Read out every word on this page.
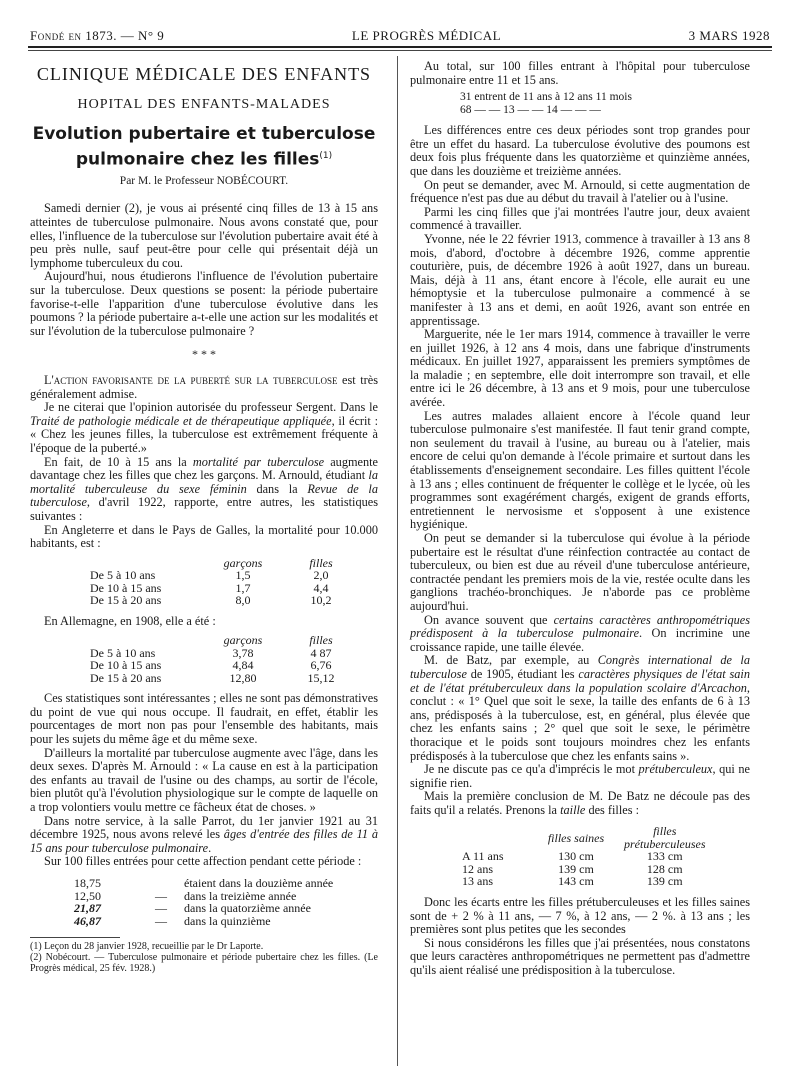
Fondé en 1873. — N° 9	LE PROGRÈS MÉDICAL	3 MARS 1928

CLINIQUE MÉDICALE DES ENFANTS

HOPITAL DES ENFANTS-MALADES

Evolution pubertaire et tuberculose
pulmonaire chez les filles$^{(1)}$

Par M. le Professeur NOBÉCOURT.

Samedi dernier (2), je vous ai présenté cinq filles de 13 à 15 ans atteintes de tuberculose pulmonaire. Nous avons constaté que, pour elles, l'influence de la tuberculose sur l'évolution pubertaire avait été à peu près nulle, sauf peut-être pour celle qui présentait déjà un lymphome tuberculeux du cou.

Aujourd'hui, nous étudierons l'influence de l'évolution pubertaire sur la tuberculose. Deux questions se posent: la période pubertaire favorise-t-elle l'apparition d'une tuberculose évolutive dans les poumons ? la période pubertaire a-t-elle une action sur les modalités et sur l'évolution de la tuberculose pulmonaire ?

* * *

L'action favorisante de la puberté sur la tuberculose est très généralement admise.

Je ne citerai que l'opinion autorisée du professeur Sergent. Dans le Traité de pathologie médicale et de thérapeutique appliquée, il écrit : « Chez les jeunes filles, la tuberculose est extrêmement fréquente à l'époque de la puberté.»

En fait, de 10 à 15 ans la mortalité par tuberculose augmente davantage chez les filles que chez les garçons. M. Arnould, étudiant la mortalité tuberculeuse du sexe féminin dans la Revue de la tuberculose, d'avril 1922, rapporte, entre autres, les statistiques suivantes :

En Angleterre et dans le Pays de Galles, la mortalité pour 10.000 habitants, est :

	garçons	filles
De 5 à 10 ans	1,5	2,0
De 10 à 15 ans	1,7	4,4
De 15 à 20 ans	8,0	10,2

En Allemagne, en 1908, elle a été :

	garçons	filles
De 5 à 10 ans	3,78	4 87
De 10 à 15 ans	4,84	6,76
De 15 à 20 ans	12,80	15,12

Ces statistiques sont intéressantes ; elles ne sont pas démonstratives du point de vue qui nous occupe. Il faudrait, en effet, établir les pourcentages de mort non pas pour l'ensemble des habitants, mais pour les sujets du même âge et du même sexe.

D'ailleurs la mortalité par tuberculose augmente avec l'âge, dans les deux sexes. D'après M. Arnould : « La cause en est à la participation des enfants au travail de l'usine ou des champs, au sortir de l'école, bien plutôt qu'à l'évolution physiologique sur le compte de laquelle on a trop volontiers voulu mettre ce fâcheux état de choses. »

Dans notre service, à la salle Parrot, du 1er janvier 1921 au 31 décembre 1925, nous avons relevé les âges d'entrée des filles de 11 à 15 ans pour tuberculose pulmonaire.

Sur 100 filles entrées pour cette affection pendant cette période :

18,75		étaient dans la douzième année
12,50	—	dans la treizième année
21,87	—	dans la quatorzième année
46,87	—	dans la quinzième

(1) Leçon du 28 janvier 1928, recueillie par le Dr Laporte.

(2) Nobécourt. — Tuberculose pulmonaire et période pubertaire chez les filles. (Le Progrès médical, 25 fév. 1928.)

Au total, sur 100 filles entrant à l'hôpital pour tuberculose pulmonaire entre 11 et 15 ans.

31 entrent de 11 ans à 12 ans 11 mois
68 — — 13 — — 14 — — —

Les différences entre ces deux périodes sont trop grandes pour être un effet du hasard. La tuberculose évolutive des poumons est deux fois plus fréquente dans les quatorzième et quinzième années, que dans les douzième et treizième années.

On peut se demander, avec M. Arnould, si cette augmentation de fréquence n'est pas due au début du travail à l'atelier ou à l'usine.

Parmi les cinq filles que j'ai montrées l'autre jour, deux avaient commencé à travailler.

Yvonne, née le 22 février 1913, commence à travailler à 13 ans 8 mois, d'abord, d'octobre à décembre 1926, comme apprentie couturière, puis, de décembre 1926 à août 1927, dans un bureau. Mais, déjà à 11 ans, étant encore à l'école, elle aurait eu une hémoptysie et la tuberculose pulmonaire a commencé à se manifester à 13 ans et demi, en août 1926, avant son entrée en apprentissage.

Marguerite, née le 1er mars 1914, commence à travailler le verre en juillet 1926, à 12 ans 4 mois, dans une fabrique d'instruments médicaux. En juillet 1927, apparaissent les premiers symptômes de la maladie ; en septembre, elle doit interrompre son travail, et elle entre ici le 26 décembre, à 13 ans et 9 mois, pour une tuberculose avérée.

Les autres malades allaient encore à l'école quand leur tuberculose pulmonaire s'est manifestée. Il faut tenir grand compte, non seulement du travail à l'usine, au bureau ou à l'atelier, mais encore de celui qu'on demande à l'école primaire et surtout dans les établissements d'enseignement secondaire. Les filles quittent l'école à 13 ans ; elles continuent de fréquenter le collège et le lycée, où les programmes sont exagérément chargés, exigent de grands efforts, entretiennent le nervosisme et s'opposent à une existence hygiénique.

On peut se demander si la tuberculose qui évolue à la période pubertaire est le résultat d'une réinfection contractée au contact de tuberculeux, ou bien est due au réveil d'une tuberculose antérieure, contractée pendant les premiers mois de la vie, restée oculte dans les ganglions trachéo-bronchiques. Je n'aborde pas ce problème aujourd'hui.

On avance souvent que certains caractères anthropométriques prédisposent à la tuberculose pulmonaire. On incrimine une croissance rapide, une taille élevée.

M. de Batz, par exemple, au Congrès international de la tuberculose de 1905, étudiant les caractères physiques de l'état sain et de l'état prétuberculeux dans la population scolaire d'Arcachon, conclut : « 1° Quel que soit le sexe, la taille des enfants de 6 à 13 ans, prédisposés à la tuberculose, est, en général, plus élevée que chez les enfants sains ; 2° quel que soit le sexe, le périmètre thoracique et le poids sont toujours moindres chez les enfants prédisposés à la tuberculose que chez les enfants sains ».

Je ne discute pas ce qu'a d'imprécis le mot prétuberculeux, qui ne signifie rien.

Mais la première conclusion de M. De Batz ne découle pas des faits qu'il a relatés. Prenons la taille des filles :

	filles saines	filles prétuberculeuses
A 11 ans	130 cm	133 cm
12 ans	139 cm	128 cm
13 ans	143 cm	139 cm

Donc les écarts entre les filles prétuberculeuses et les filles saines sont de + 2 % à 11 ans, — 7 %, à 12 ans, — 2 %. à 13 ans ; les premières sont plus petites que les secondes

Si nous considérons les filles que j'ai présentées, nous constatons que leurs caractères anthropométriques ne permettent pas d'admettre qu'ils aient réalisé une prédisposition à la tuberculose.
